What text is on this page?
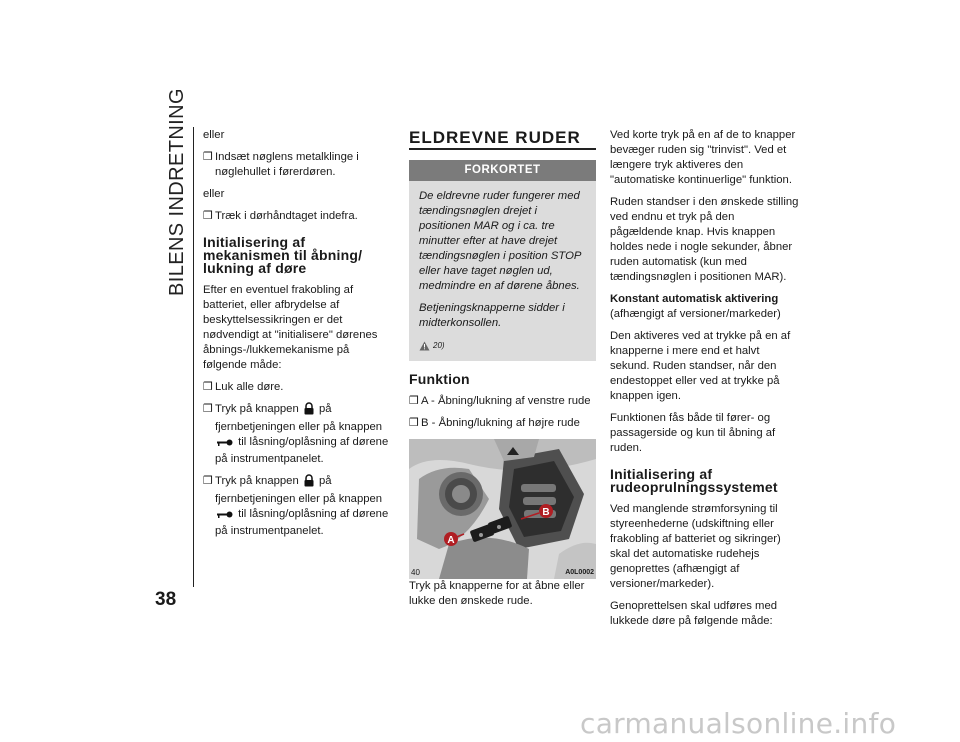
BILENS INDRETNING
38

eller

❒ Indsæt nøglens metalklinge i nøglehullet i førerdøren.

eller

❒ Træk i dørhåndtaget indefra.
Initialisering af mekanismen til åbning/ lukning af døre

Efter en eventuel frakobling af batteriet, eller afbrydelse af beskyttelsessikringen er det nødvendigt at "initialisere" dørenes åbnings-/lukkemekanisme på følgende måde:

❒ Luk alle døre.
❒ Tryk på knappen på fjernbetjeningen eller på knappen  til låsning/oplåsning af dørene på instrumentpanelet.
❒ Tryk på knappen på fjernbetjeningen eller på knappen  til låsning/oplåsning af dørene på instrumentpanelet.
ELDREVNE RUDER
FORKORTET

De eldrevne ruder fungerer med tændingsnøglen drejet i positionen MAR og i ca. tre minutter efter at have drejet tændingsnøglen i position STOP eller have taget nøglen ud, medmindre en af dørene åbnes.

Betjeningsknapperne sidder i midterkonsollen.

20)
Funktion
❒ A - Åbning/lukning af venstre rude
❒ B - Åbning/lukning af højre rude
A
B
40	A0L0002

Tryk på knapperne for at åbne eller lukke den ønskede rude.

Ved korte tryk på en af de to knapper bevæger ruden sig "trinvist". Ved et længere tryk aktiveres den "automatiske kontinuerlige" funktion.

Ruden standser i den ønskede stilling ved endnu et tryk på den pågældende knap. Hvis knappen holdes nede i nogle sekunder, åbner ruden automatisk (kun med tændingsnøglen i positionen MAR).

Konstant automatisk aktivering
(afhængigt af versioner/markeder)

Den aktiveres ved at trykke på en af knapperne i mere end et halvt sekund. Ruden standser, når den endestoppet eller ved at trykke på knappen igen.

Funktionen fås både til fører- og passagerside og kun til åbning af ruden.

Initialisering af rudeoprulningssystemet

Ved manglende strømforsyning til styreenhederne (udskiftning eller frakobling af batteriet og sikringer) skal det automatiske rudehejs genoprettes (afhængigt af versioner/markeder).

Genoprettelsen skal udføres med lukkede døre på følgende måde:

carmanualsonline.info
